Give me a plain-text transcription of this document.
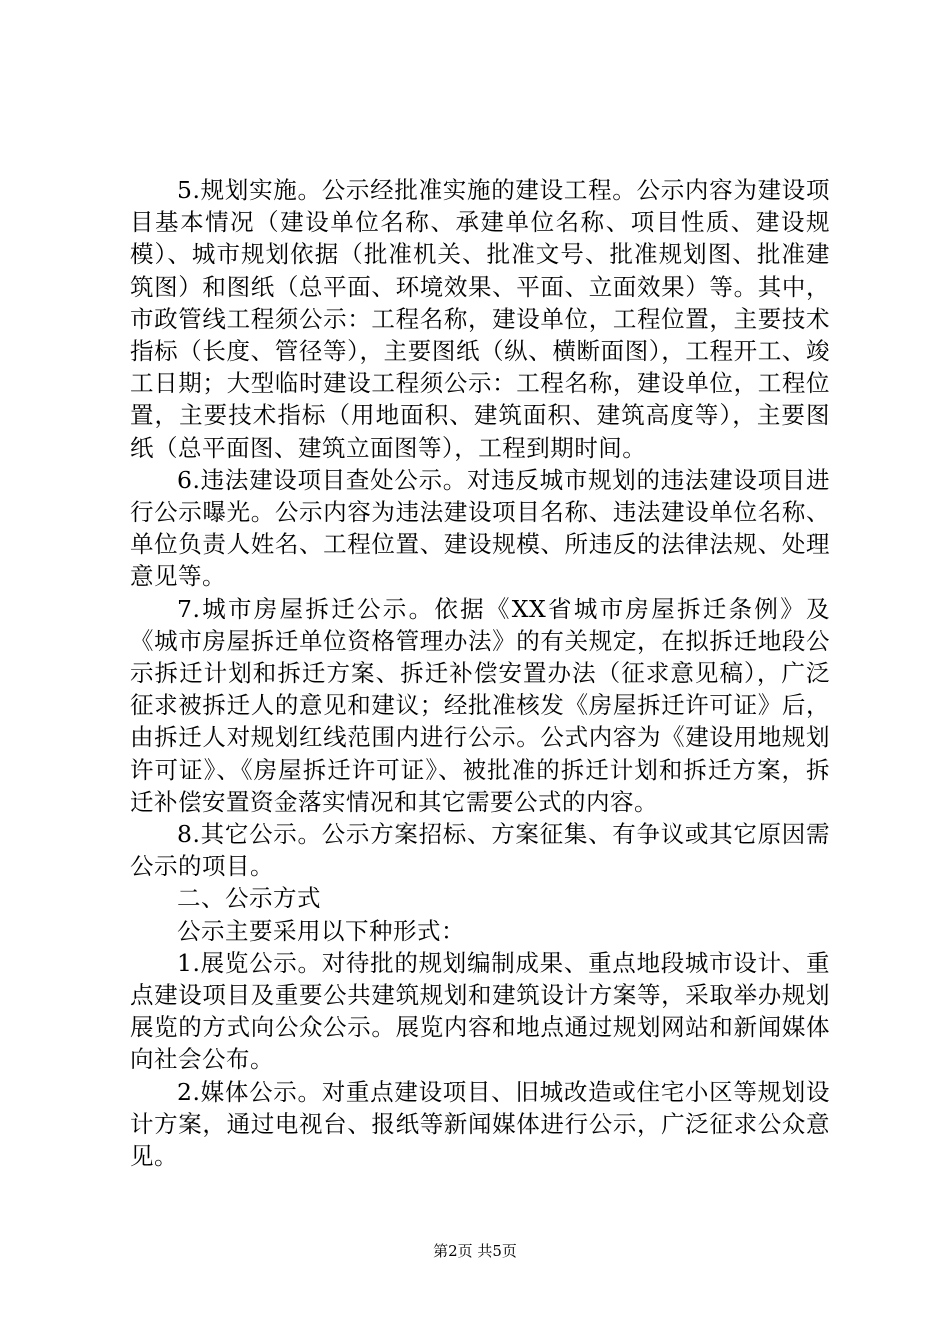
5.规划实施。公示经批准实施的建设工程。公示内容为建设项目基本情况（建设单位名称、承建单位名称、项目性质、建设规模）、城市规划依据（批准机关、批准文号、批准规划图、批准建筑图）和图纸（总平面、环境效果、平面、立面效果）等。其中，市政管线工程须公示：工程名称，建设单位，工程位置，主要技术指标（长度、管径等），主要图纸（纵、横断面图），工程开工、竣工日期；大型临时建设工程须公示：工程名称，建设单位，工程位置，主要技术指标（用地面积、建筑面积、建筑高度等），主要图纸（总平面图、建筑立面图等），工程到期时间。

6.违法建设项目查处公示。对违反城市规划的违法建设项目进行公示曝光。公示内容为违法建设项目名称、违法建设单位名称、单位负责人姓名、工程位置、建设规模、所违反的法律法规、处理意见等。

7.城市房屋拆迁公示。依据《XX省城市房屋拆迁条例》及《城市房屋拆迁单位资格管理办法》的有关规定，在拟拆迁地段公示拆迁计划和拆迁方案、拆迁补偿安置办法（征求意见稿），广泛征求被拆迁人的意见和建议；经批准核发《房屋拆迁许可证》后，由拆迁人对规划红线范围内进行公示。公式内容为《建设用地规划许可证》、《房屋拆迁许可证》、被批准的拆迁计划和拆迁方案，拆迁补偿安置资金落实情况和其它需要公式的内容。

8.其它公示。公示方案招标、方案征集、有争议或其它原因需公示的项目。

二、公示方式

公示主要采用以下种形式：

1.展览公示。对待批的规划编制成果、重点地段城市设计、重点建设项目及重要公共建筑规划和建筑设计方案等，采取举办规划展览的方式向公众公示。展览内容和地点通过规划网站和新闻媒体向社会公布。

2.媒体公示。对重点建设项目、旧城改造或住宅小区等规划设计方案，通过电视台、报纸等新闻媒体进行公示，广泛征求公众意见。

第2页 共5页
